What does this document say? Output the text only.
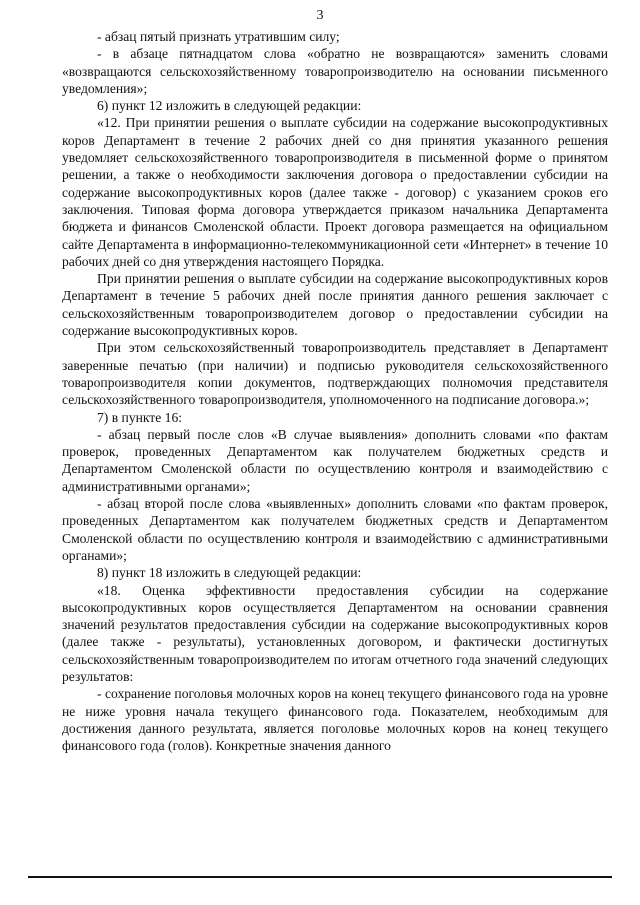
3

- абзац пятый признать утратившим силу;

- в абзаце пятнадцатом слова «обратно не возвращаются» заменить словами «возвращаются сельскохозяйственному товаропроизводителю на основании письменного уведомления»;

6) пункт 12 изложить в следующей редакции:

«12. При принятии решения о выплате субсидии на содержание высокопродуктивных коров Департамент в течение 2 рабочих дней со дня принятия указанного решения уведомляет сельскохозяйственного товаропроизводителя в письменной форме о принятом решении, а также о необходимости заключения договора о предоставлении субсидии на содержание высокопродуктивных коров (далее также - договор) с указанием сроков его заключения. Типовая форма договора утверждается приказом начальника Департамента бюджета и финансов Смоленской области. Проект договора размещается на официальном сайте Департамента в информационно-телекоммуникационной сети «Интернет» в течение 10 рабочих дней со дня утверждения настоящего Порядка.

При принятии решения о выплате субсидии на содержание высокопродуктивных коров Департамент в течение 5 рабочих дней после принятия данного решения заключает с сельскохозяйственным товаропроизводителем договор о предоставлении субсидии на содержание высокопродуктивных коров.

При этом сельскохозяйственный товаропроизводитель представляет в Департамент заверенные печатью (при наличии) и подписью руководителя сельскохозяйственного товаропроизводителя копии документов, подтверждающих полномочия представителя сельскохозяйственного товаропроизводителя, уполномоченного на подписание договора.»;

7) в пункте 16:

- абзац первый после слов «В случае выявления» дополнить словами «по фактам проверок, проведенных Департаментом как получателем бюджетных средств и Департаментом Смоленской области по осуществлению контроля и взаимодействию с административными органами»;

- абзац второй после слова «выявленных» дополнить словами «по фактам проверок, проведенных Департаментом как получателем бюджетных средств и Департаментом Смоленской области по осуществлению контроля и взаимодействию с административными органами»;

8) пункт 18 изложить в следующей редакции:

«18. Оценка эффективности предоставления субсидии на содержание высокопродуктивных коров осуществляется Департаментом на основании сравнения значений результатов предоставления субсидии на содержание высокопродуктивных коров (далее также - результаты), установленных договором, и фактически достигнутых сельскохозяйственным товаропроизводителем по итогам отчетного года значений следующих результатов:

- сохранение поголовья молочных коров на конец текущего финансового года на уровне не ниже уровня начала текущего финансового года. Показателем, необходимым для достижения данного результата, является поголовье молочных коров на конец текущего финансового года (голов). Конкретные значения данного
